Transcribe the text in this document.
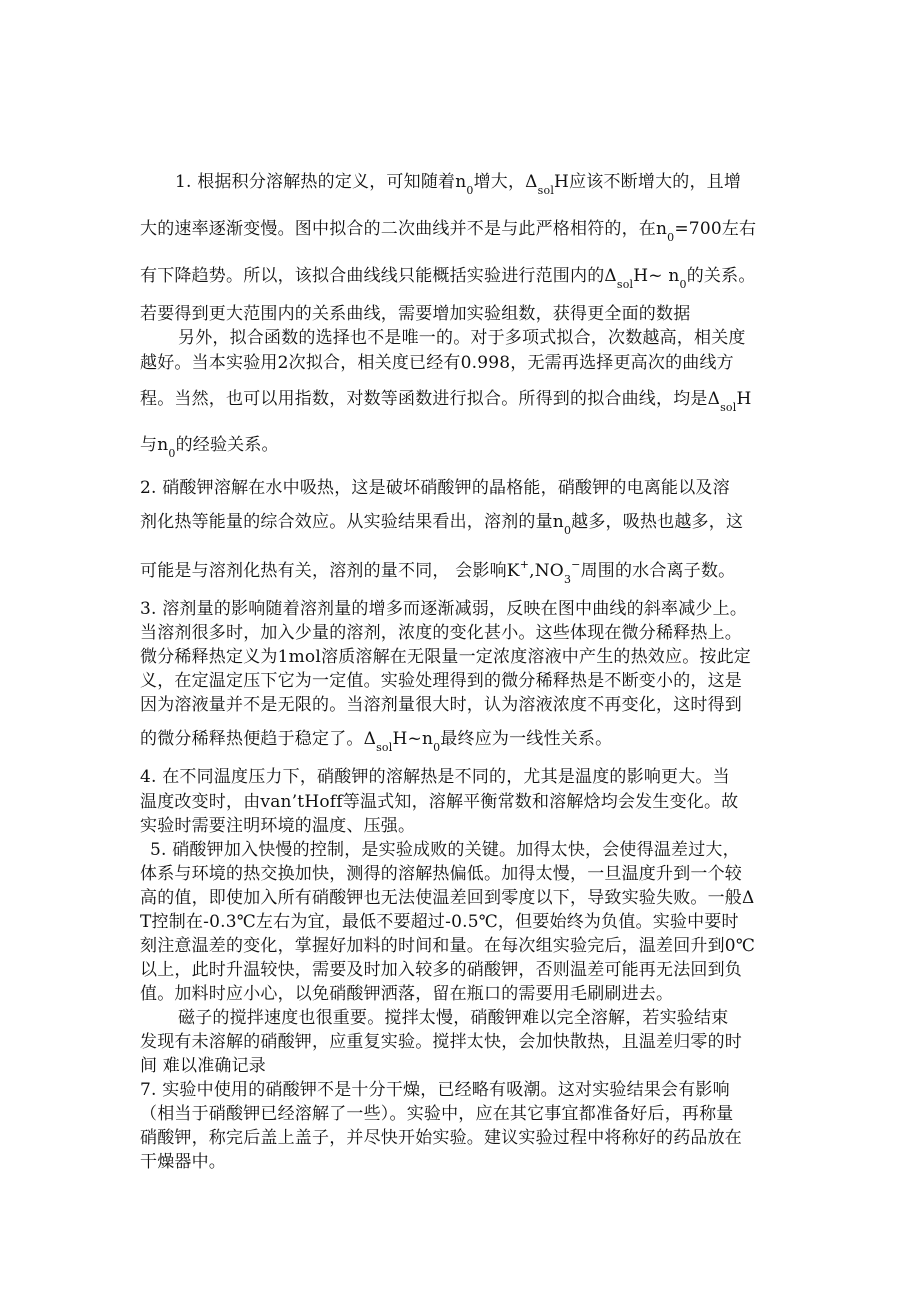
1. 根据积分溶解热的定义，可知随着$n_0$增大，$\Delta_{sol}H$应该不断增大的，且增
大的速率逐渐变慢。图中拟合的二次曲线并不是与此严格相符的，在$n_0=700$左右
有下降趋势。所以，该拟合曲线线只能概括实验进行范围内的$\Delta_{sol}H\sim$ $n_0$的关系。
若要得到更大范围内的关系曲线，需要增加实验组数，获得更全面的数据
另外，拟合函数的选择也不是唯一的。对于多项式拟合，次数越高，相关度
越好。当本实验用2次拟合，相关度已经有0.998，无需再选择更高次的曲线方
程。当然，也可以用指数，对数等函数进行拟合。所得到的拟合曲线，均是$\Delta_{sol}H$
与$n_0$的经验关系。
2. 硝酸钾溶解在水中吸热，这是破坏硝酸钾的晶格能，硝酸钾的电离能以及溶
剂化热等能量的综合效应。从实验结果看出，溶剂的量$n_0$越多，吸热也越多，这
可能是与溶剂化热有关，溶剂的量不同， 会影响$K^+,NO_3^-$周围的水合离子数。
3. 溶剂量的影响随着溶剂量的增多而逐渐减弱，反映在图中曲线的斜率减少上。
当溶剂很多时，加入少量的溶剂，浓度的变化甚小。这些体现在微分稀释热上。
微分稀释热定义为1mol溶质溶解在无限量一定浓度溶液中产生的热效应。按此定
义，在定温定压下它为一定值。实验处理得到的微分稀释热是不断变小的，这是
因为溶液量并不是无限的。当溶剂量很大时，认为溶液浓度不再变化，这时得到
的微分稀释热便趋于稳定了。$\Delta_{sol}H\sim n_0$最终应为一线性关系。
4. 在不同温度压力下，硝酸钾的溶解热是不同的，尤其是温度的影响更大。当
温度改变时，由van’tHoff等温式知，溶解平衡常数和溶解焓均会发生变化。故
实验时需要注明环境的温度、压强。
5. 硝酸钾加入快慢的控制，是实验成败的关键。加得太快，会使得温差过大，
体系与环境的热交换加快，测得的溶解热偏低。加得太慢，一旦温度升到一个较
高的值，即使加入所有硝酸钾也无法使温差回到零度以下，导致实验失败。一般Δ
T控制在-0.3℃左右为宜，最低不要超过-0.5℃，但要始终为负值。实验中要时
刻注意温差的变化，掌握好加料的时间和量。在每次组实验完后，温差回升到0℃
以上，此时升温较快，需要及时加入较多的硝酸钾，否则温差可能再无法回到负
值。加料时应小心，以免硝酸钾洒落，留在瓶口的需要用毛刷刷进去。
磁子的搅拌速度也很重要。搅拌太慢，硝酸钾难以完全溶解，若实验结束
发现有未溶解的硝酸钾，应重复实验。搅拌太快，会加快散热，且温差归零的时
间 难以准确记录
7. 实验中使用的硝酸钾不是十分干燥，已经略有吸潮。这对实验结果会有影响
（相当于硝酸钾已经溶解了一些）。实验中，应在其它事宜都准备好后，再称量
硝酸钾，称完后盖上盖子，并尽快开始实验。建议实验过程中将称好的药品放在
干燥器中。
